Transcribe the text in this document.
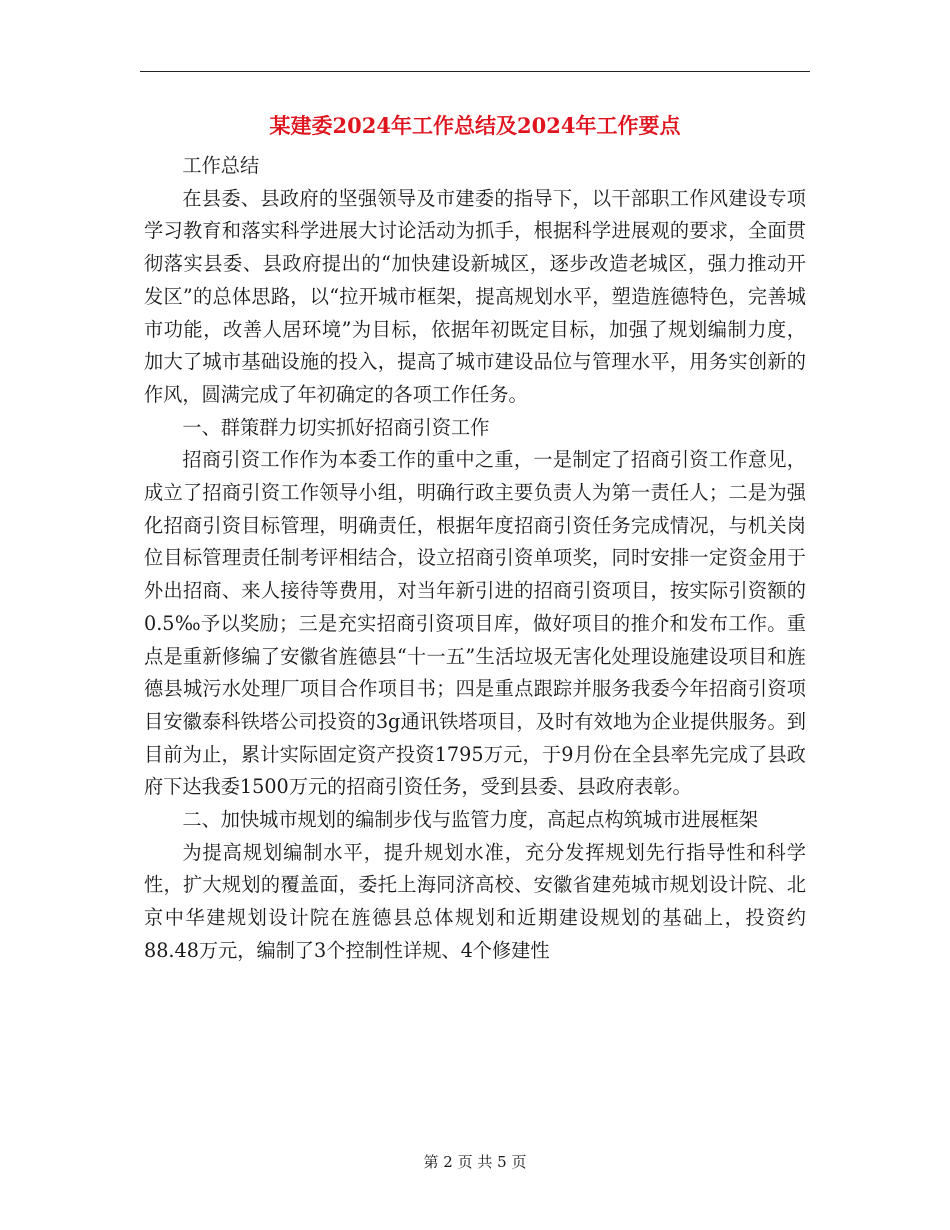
某建委2024年工作总结及2024年工作要点

工作总结

在县委、县政府的坚强领导及市建委的指导下，以干部职工作风建设专项学习教育和落实科学进展大讨论活动为抓手，根据科学进展观的要求，全面贯彻落实县委、县政府提出的“加快建设新城区，逐步改造老城区，强力推动开发区”的总体思路，以“拉开城市框架，提高规划水平，塑造旌德特色，完善城市功能，改善人居环境”为目标，依据年初既定目标，加强了规划编制力度，加大了城市基础设施的投入，提高了城市建设品位与管理水平，用务实创新的作风，圆满完成了年初确定的各项工作任务。

一、群策群力切实抓好招商引资工作

招商引资工作作为本委工作的重中之重，一是制定了招商引资工作意见，成立了招商引资工作领导小组，明确行政主要负责人为第一责任人；二是为强化招商引资目标管理，明确责任，根据年度招商引资任务完成情况，与机关岗位目标管理责任制考评相结合，设立招商引资单项奖，同时安排一定资金用于外出招商、来人接待等费用，对当年新引进的招商引资项目，按实际引资额的0.5‰予以奖励；三是充实招商引资项目库，做好项目的推介和发布工作。重点是重新修编了安徽省旌德县“十一五”生活垃圾无害化处理设施建设项目和旌德县城污水处理厂项目合作项目书；四是重点跟踪并服务我委今年招商引资项目安徽泰科铁塔公司投资的3g通讯铁塔项目，及时有效地为企业提供服务。到目前为止，累计实际固定资产投资1795万元，于9月份在全县率先完成了县政府下达我委1500万元的招商引资任务，受到县委、县政府表彰。

二、加快城市规划的编制步伐与监管力度，高起点构筑城市进展框架

为提高规划编制水平，提升规划水准，充分发挥规划先行指导性和科学性，扩大规划的覆盖面，委托上海同济高校、安徽省建苑城市规划设计院、北京中华建规划设计院在旌德县总体规划和近期建设规划的基础上，投资约88.48万元，编制了3个控制性详规、4个修建性

第 2 页 共 5 页
